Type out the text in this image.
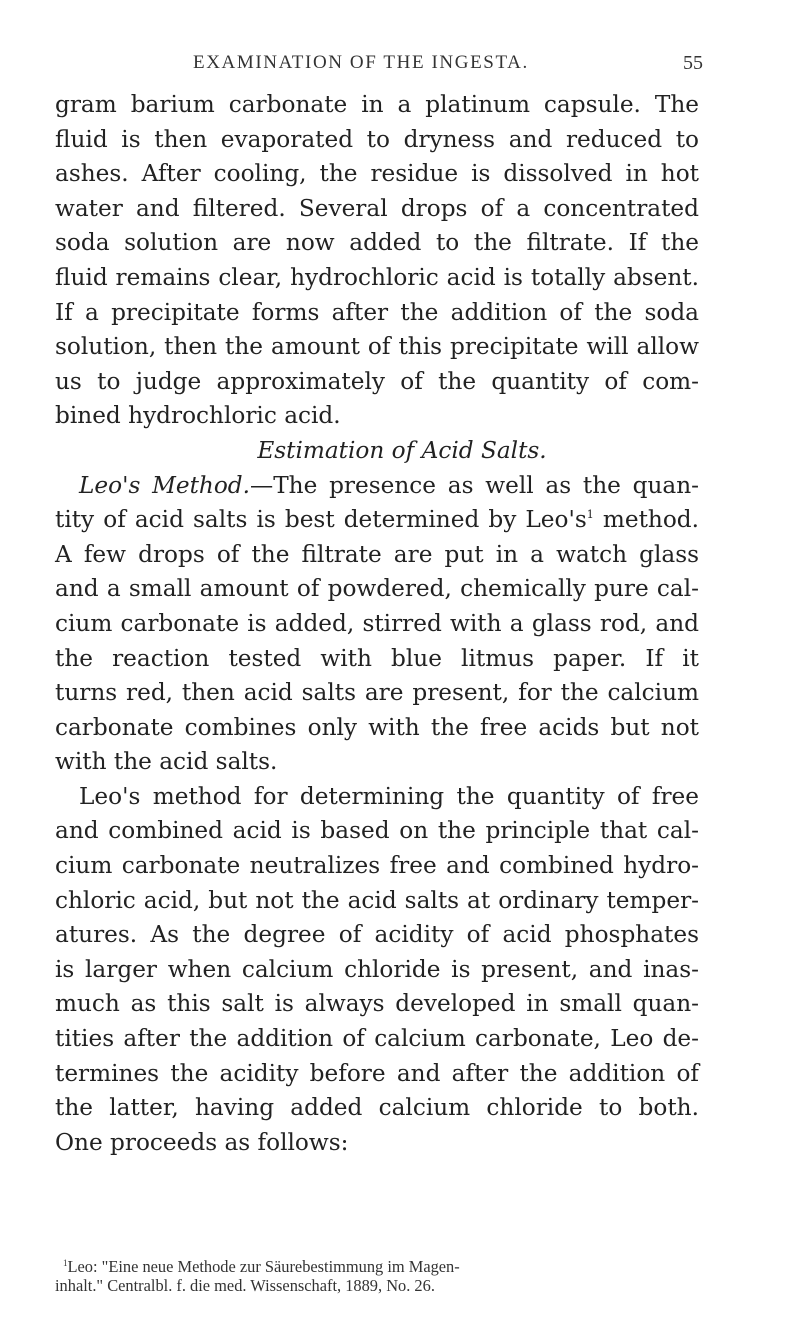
EXAMINATION OF THE INGESTA.	55
gram barium carbonate in a platinum capsule. The
fluid is then evaporated to dryness and reduced to
ashes. After cooling, the residue is dissolved in hot
water and filtered. Several drops of a concentrated
soda solution are now added to the filtrate. If the
fluid remains clear, hydrochloric acid is totally absent.
If a precipitate forms after the addition of the soda
solution, then the amount of this precipitate will allow
us to judge approximately of the quantity of com-
bined hydrochloric acid.
Estimation of Acid Salts.
Leo's Method.—The presence as well as the quan-
tity of acid salts is best determined by Leo's$^1$ method.
A few drops of the filtrate are put in a watch glass
and a small amount of powdered, chemically pure cal-
cium carbonate is added, stirred with a glass rod, and
the reaction tested with blue litmus paper. If it
turns red, then acid salts are present, for the calcium
carbonate combines only with the free acids but not
with the acid salts.
Leo's method for determining the quantity of free
and combined acid is based on the principle that cal-
cium carbonate neutralizes free and combined hydro-
chloric acid, but not the acid salts at ordinary temper-
atures. As the degree of acidity of acid phosphates
is larger when calcium chloride is present, and inas-
much as this salt is always developed in small quan-
tities after the addition of calcium carbonate, Leo de-
termines the acidity before and after the addition of
the latter, having added calcium chloride to both.
One proceeds as follows:
$^1$Leo: "Eine neue Methode zur Säurebestimmung im Magen-
inhalt." Centralbl. f. die med. Wissenschaft, 1889, No. 26.
